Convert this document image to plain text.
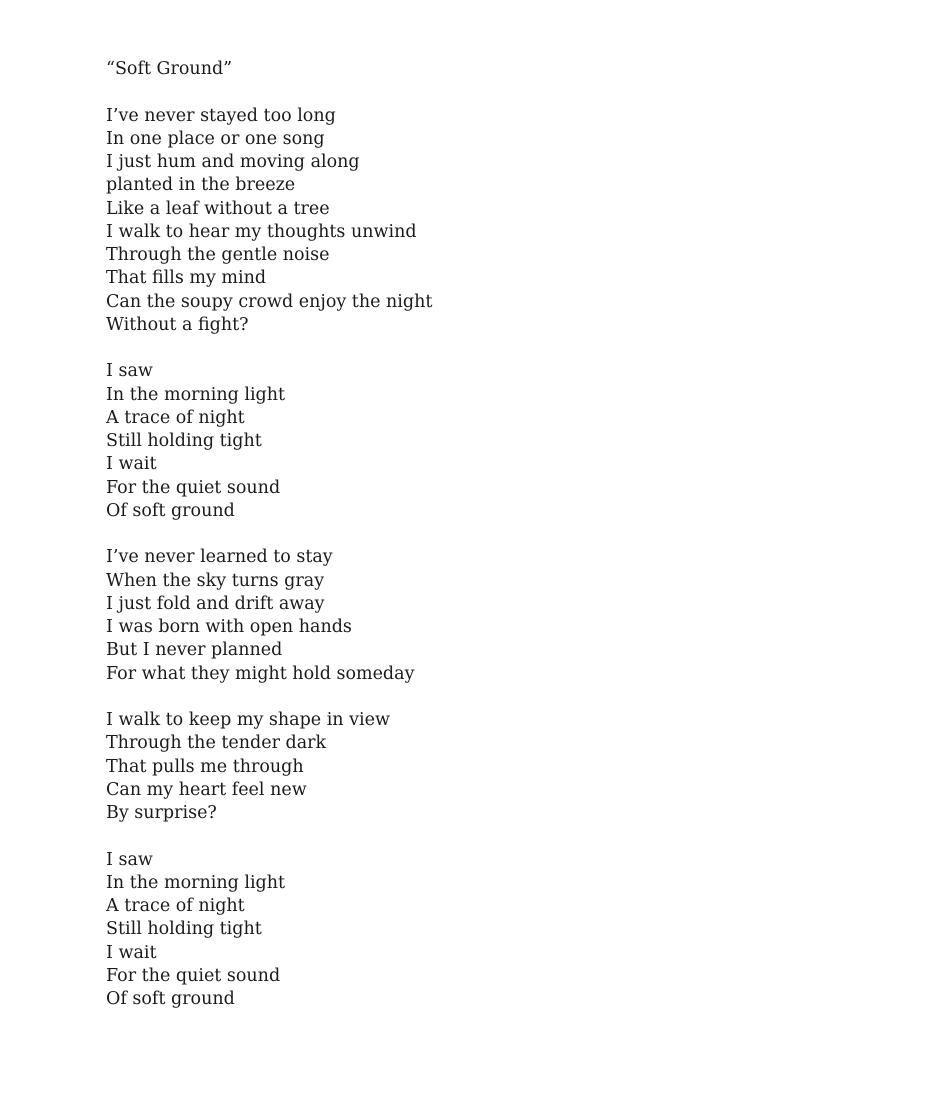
“Soft Ground”
I’ve never stayed too long
In one place or one song
I just hum and moving along
planted in the breeze
Like a leaf without a tree
I walk to hear my thoughts unwind
Through the gentle noise
That fills my mind
Can the soupy crowd enjoy the night
Without a fight?
I saw
In the morning light
A trace of night
Still holding tight
I wait
For the quiet sound
Of soft ground
I’ve never learned to stay
When the sky turns gray
I just fold and drift away
I was born with open hands
But I never planned
For what they might hold someday
I walk to keep my shape in view
Through the tender dark
That pulls me through
Can my heart feel new
By surprise?
I saw
In the morning light
A trace of night
Still holding tight
I wait
For the quiet sound
Of soft ground
